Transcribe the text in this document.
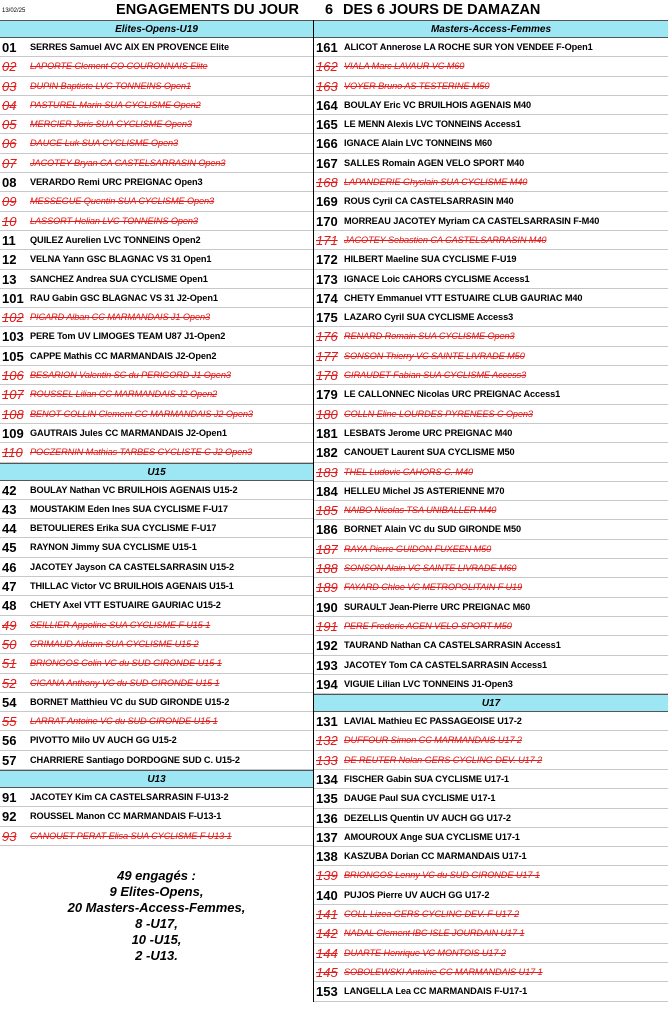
13/02/25	ENGAGEMENTS DU JOUR	6 DES 6 JOURS DE DAMAZAN
Elites-Opens-U19
01 SERRES Samuel AVC AIX EN PROVENCE Elite
02 LAPORTE Clement CO COURONNAIS Elite
03 DUPIN Baptiste LVC TONNEINS Open1
04 PASTUREL Marin SUA CYCLISME Open2
05 MERCIER Joris SUA CYCLISME Open3
06 DAUGE Luk SUA CYCLISME Open3
07 JACOTEY Bryan CA CASTELSARRASIN Open3
08 VERARDO Remi URC PREIGNAC Open3
09 MESSEGUE Quentin SUA CYCLISME Open3
10 LASSORT Helian LVC TONNEINS Open3
11 QUILEZ Aurelien LVC TONNEINS Open2
12 VELNA Yann GSC BLAGNAC VS 31 Open1
13 SANCHEZ Andrea SUA CYCLISME Open1
101 RAU Gabin GSC BLAGNAC VS 31 J2-Open1
102 PICARD Alban CC MARMANDAIS J1 Open3
103 PERE Tom UV LIMOGES TEAM U87 J1-Open2
105 CAPPE Mathis CC MARMANDAIS J2-Open2
106 BESARION Valentin SC du PERIGORD J1 Open3
107 ROUSSEL Lilian CC MARMANDAIS J2 Open2
108 BENOT COLLIN Clement CC MARMANDAIS J2 Open3
109 GAUTRAIS Jules CC MARMANDAIS J2-Open1
110 POCZERNIN Mathias TARBES CYCLISTE C J2 Open3
U15
42 BOULAY Nathan VC BRUILHOIS AGENAIS U15-2
43 MOUSTAKIM Eden Ines SUA CYCLISME F-U17
44 BETOULIERES Erika SUA CYCLISME F-U17
45 RAYNON Jimmy SUA CYCLISME U15-1
46 JACOTEY Jayson CA CASTELSARRASIN U15-2
47 THILLAC Victor VC BRUILHOIS AGENAIS U15-1
48 CHETY Axel VTT ESTUAIRE GAURIAC U15-2
49 SEILLIER Appoline SUA CYCLISME F U15 1
50 GRIMAUD Aidann SUA CYCLISME U15 2
51 BRIONGOS Colin VC du SUD GIRONDE U15 1
52 CIGANA Anthony VC du SUD GIRONDE U15 1
54 BORNET Matthieu VC du SUD GIRONDE U15-2
55 LARRAT Antoine VC du SUD GIRONDE U15 1
56 PIVOTTO Milo UV AUCH GG U15-2
57 CHARRIERE Santiago DORDOGNE SUD C. U15-2
U13
91 JACOTEY Kim CA CASTELSARRASIN F-U13-2
92 ROUSSEL Manon CC MARMANDAIS F-U13-1
93 CANOUET PERAT Elisa SUA CYCLISME F U13 1
Masters-Access-Femmes
161 ALICOT Annerose LA ROCHE SUR YON VENDEE F-Open1
162 VIALA Marc LAVAUR VC M60
163 VOYER Bruno AS TESTERINE M50
164 BOULAY Eric VC BRUILHOIS AGENAIS M40
165 LE MENN Alexis LVC TONNEINS Access1
166 IGNACE Alain LVC TONNEINS M60
167 SALLES Romain AGEN VELO SPORT M40
168 LAPANDERIE Ghyslain SUA CYCLISME M40
169 ROUS Cyril CA CASTELSARRASIN M40
170 MORREAU JACOTEY Myriam CA CASTELSARRASIN F-M40
171 JACOTEY Sebastien CA CASTELSARRASIN M40
172 HILBERT Maeline SUA CYCLISME F-U19
173 IGNACE Loic CAHORS CYCLISME Access1
174 CHETY Emmanuel VTT ESTUAIRE CLUB GAURIAC M40
175 LAZARO Cyril SUA CYCLISME Access3
176 RENARD Romain SUA CYCLISME Open3
177 SONSON Thierry VC SAINTE LIVRADE M50
178 GIRAUDET Fabian SUA CYCLISME Access3
179 LE CALLONNEC Nicolas URC PREIGNAC Access1
180 COLLN Eline LOURDES PYRENEES C Open3
181 LESBATS Jerome URC PREIGNAC M40
182 CANOUET Laurent SUA CYCLISME M50
183 THEL Ludovic CAHORS C. M40
184 HELLEU Michel JS ASTERIENNE M70
185 NAIBO Nicolas TSA UNIBALLER M40
186 BORNET Alain VC du SUD GIRONDE M50
187 RAYA Pierre GUIDON FUXEEN M50
188 SONSON Alain VC SAINTE LIVRADE M60
189 FAYARD Chloe VC METROPOLITAIN F U19
190 SURAULT Jean-Pierre URC PREIGNAC M60
191 PERE Frederic AGEN VELO SPORT M50
192 TAURAND Nathan CA CASTELSARRASIN Access1
193 JACOTEY Tom CA CASTELSARRASIN Access1
194 VIGUIE Lilian LVC TONNEINS J1-Open3
U17
131 LAVIAL Mathieu EC PASSAGEOISE U17-2
132 DUFFOUR Simon CC MARMANDAIS U17 2
133 DE REUTER Nolan GERS CYCLING DEV. U17 2
134 FISCHER Gabin SUA CYCLISME U17-1
135 DAUGE Paul SUA CYCLISME U17-1
136 DEZELLIS Quentin UV AUCH GG U17-2
137 AMOUROUX Ange SUA CYCLISME U17-1
138 KASZUBA Dorian CC MARMANDAIS U17-1
139 BRIONGOS Lenny VC du SUD GIRONDE U17 1
140 PUJOS Pierre UV AUCH GG U17-2
141 COLL Lizea GERS CYCLING DEV. F U17 2
142 NADAL Clement IBC ISLE JOURDAIN U17 1
144 DUARTE Henrique VC MONTOIS U17 2
145 SOBOLEWSKI Antoine CC MARMANDAIS U17 1
153 LANGELLA Lea CC MARMANDAIS F-U17-1
49 engagés :
9 Elites-Opens,
20 Masters-Access-Femmes,
8 -U17,
10 -U15,
2 -U13.
